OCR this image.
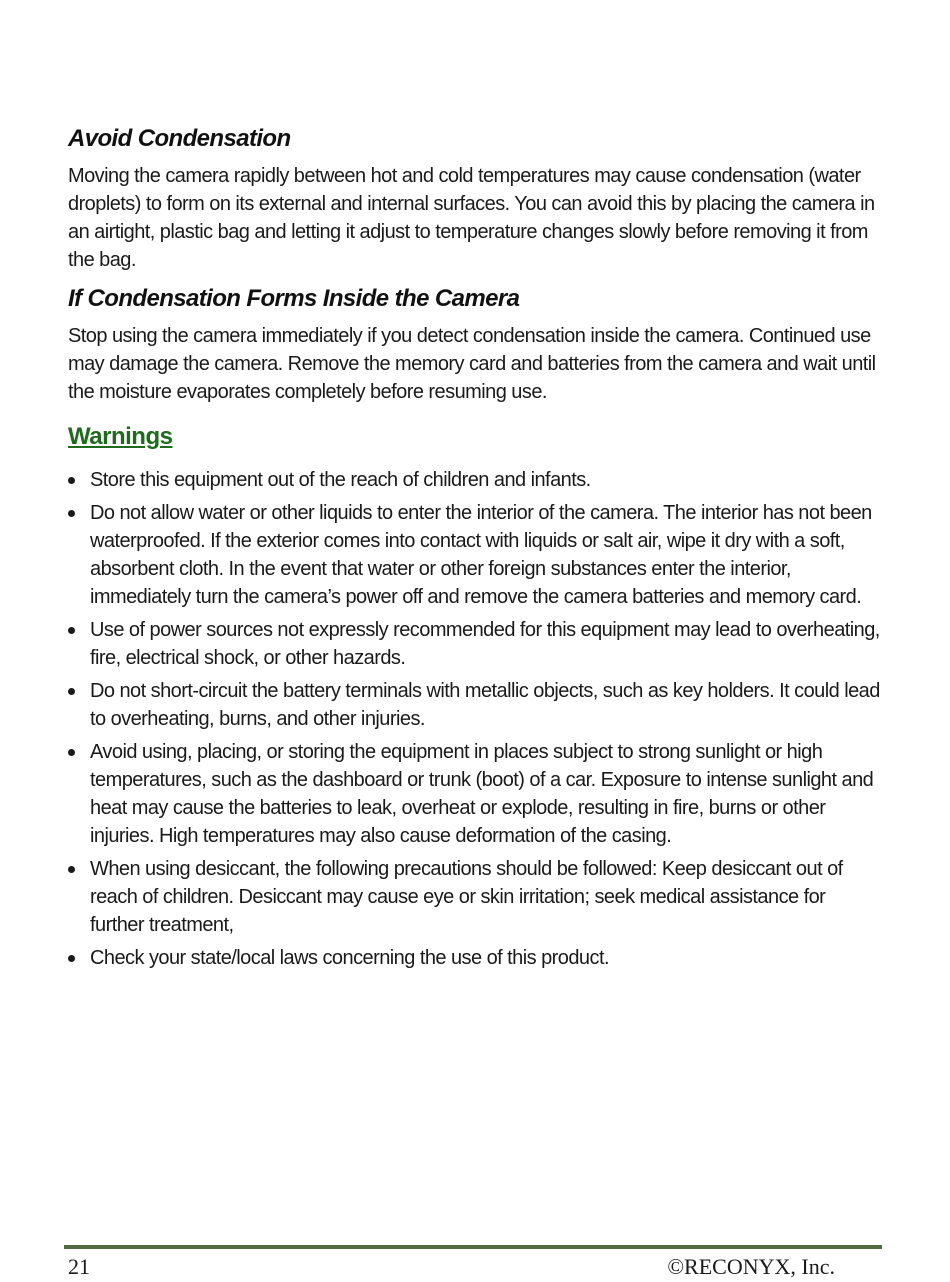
Avoid Condensation

Moving the camera rapidly between hot and cold temperatures may cause condensation (water droplets) to form on its external and internal surfaces. You can avoid this by placing the camera in an airtight, plastic bag and letting it adjust to temperature changes slowly before removing it from the bag.

If Condensation Forms Inside the Camera

Stop using the camera immediately if you detect condensation inside the camera. Continued use may damage the camera. Remove the memory card and batteries from the camera and wait until the moisture evaporates completely before resuming use.

Warnings
Store this equipment out of the reach of children and infants.
Do not allow water or other liquids to enter the interior of the camera. The interior has not been waterproofed. If the exterior comes into contact with liquids or salt air, wipe it dry with a soft, absorbent cloth. In the event that water or other foreign substances enter the interior, immediately turn the camera’s power off and remove the camera batteries and memory card.
Use of power sources not expressly recommended for this equipment may lead to overheating, fire, electrical shock, or other hazards.
Do not short-circuit the battery terminals with metallic objects, such as key holders. It could lead to overheating, burns, and other injuries.
Avoid using, placing, or storing the equipment in places subject to strong sunlight or high temperatures, such as the dashboard or trunk (boot) of a car. Exposure to intense sunlight and heat may cause the batteries to leak, overheat or explode, resulting in fire, burns or other injuries. High temperatures may also cause deformation of the casing.
When using desiccant, the following precautions should be followed: Keep desiccant out of reach of children. Desiccant may cause eye or skin irritation; seek medical assistance for further treatment,
Check your state/local laws concerning the use of this product.
21	©RECONYX, Inc.
